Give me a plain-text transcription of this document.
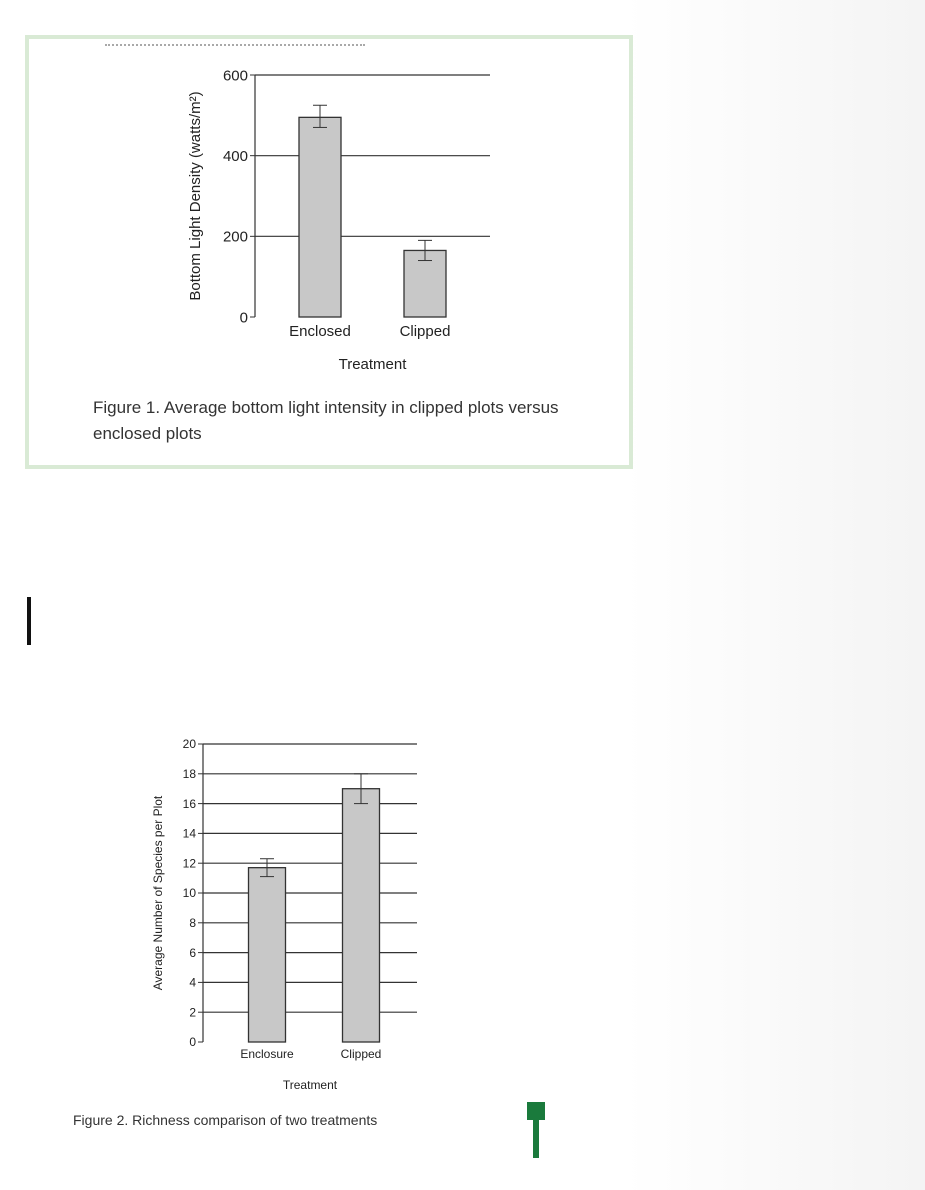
0
200
400
600
Enclosed	Clipped
Treatment
Bottom Light Density (watts/m²)
0
2
4
6
8
10
12
14
16
18
20
Enclosure	Clipped
Treatment
Average Number of Species per Plot
Figure 1. Average bottom light intensity in clipped plots versus enclosed plots
Figure 2. Richness comparison of two treatments
